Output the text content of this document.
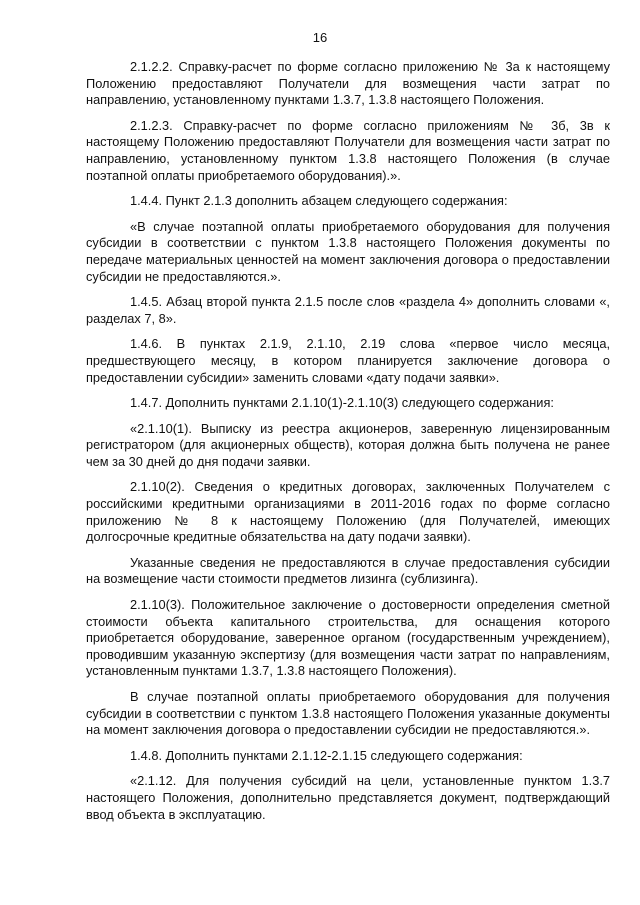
16

2.1.2.2. Справку-расчет по форме согласно приложению № 3а к настоящему Положению предоставляют Получатели для возмещения части затрат по направлению, установленному пунктами 1.3.7, 1.3.8 настоящего Положения.

2.1.2.3. Справку-расчет по форме согласно приложениям № 3б, 3в к настоящему Положению предоставляют Получатели для возмещения части затрат по направлению, установленному пунктом 1.3.8 настоящего Положения (в случае поэтапной оплаты приобретаемого оборудования).».

1.4.4. Пункт 2.1.3 дополнить абзацем следующего содержания:

«В случае поэтапной оплаты приобретаемого оборудования для получения субсидии в соответствии с пунктом 1.3.8 настоящего Положения документы по передаче материальных ценностей на момент заключения договора о предоставлении субсидии не предоставляются.».

1.4.5. Абзац второй пункта 2.1.5 после слов «раздела 4» дополнить словами «, разделах 7, 8».

1.4.6. В пунктах 2.1.9, 2.1.10, 2.19 слова «первое число месяца, предшествующего месяцу, в котором планируется заключение договора о предоставлении субсидии» заменить словами «дату подачи заявки».

1.4.7. Дополнить пунктами 2.1.10(1)-2.1.10(3) следующего содержания:

«2.1.10(1). Выписку из реестра акционеров, заверенную лицензированным регистратором (для акционерных обществ), которая должна быть получена не ранее чем за 30 дней до дня подачи заявки.

2.1.10(2). Сведения о кредитных договорах, заключенных Получателем с российскими кредитными организациями в 2011-2016 годах по форме согласно приложению № 8 к настоящему Положению (для Получателей, имеющих долгосрочные кредитные обязательства на дату подачи заявки).

Указанные сведения не предоставляются в случае предоставления субсидии на возмещение части стоимости предметов лизинга (сублизинга).

2.1.10(3). Положительное заключение о достоверности определения сметной стоимости объекта капитального строительства, для оснащения которого приобретается оборудование, заверенное органом (государственным учреждением), проводившим указанную экспертизу (для возмещения части затрат по направлениям, установленным пунктами 1.3.7, 1.3.8 настоящего Положения).

В случае поэтапной оплаты приобретаемого оборудования для получения субсидии в соответствии с пунктом 1.3.8 настоящего Положения указанные документы на момент заключения договора о предоставлении субсидии не предоставляются.».

1.4.8. Дополнить пунктами 2.1.12-2.1.15 следующего содержания:

«2.1.12. Для получения субсидий на цели, установленные пунктом 1.3.7 настоящего Положения, дополнительно представляется документ, подтверждающий ввод объекта в эксплуатацию.
